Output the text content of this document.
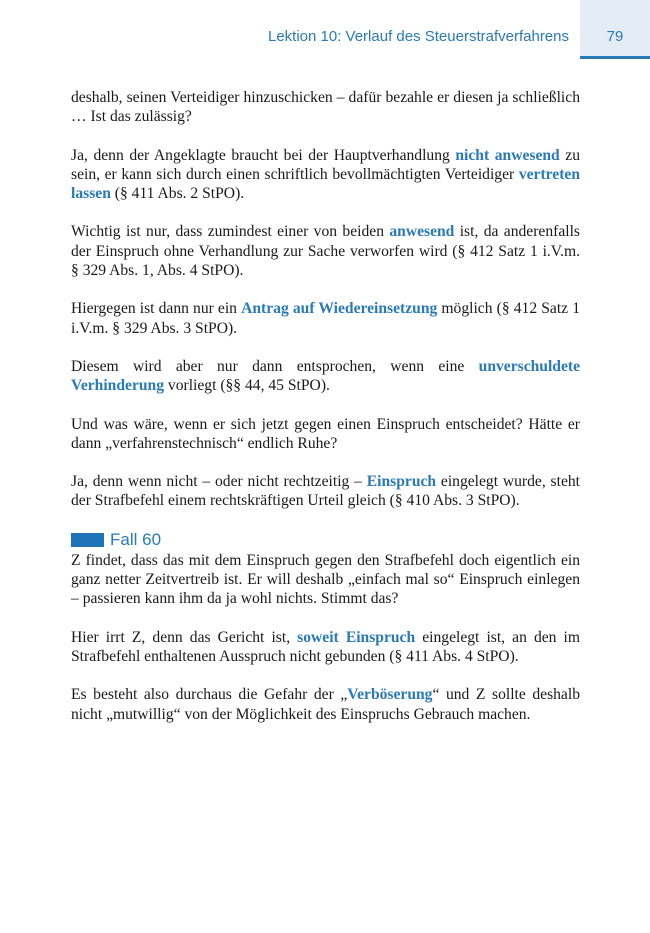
Lektion 10: Verlauf des Steuerstrafverfahrens	79

deshalb, seinen Verteidiger hinzuschicken – dafür bezahle er diesen ja schließlich … Ist das zulässig?

Ja, denn der Angeklagte braucht bei der Hauptverhandlung nicht anwesend zu sein, er kann sich durch einen schriftlich bevollmächtigten Verteidiger vertreten lassen (§ 411 Abs. 2 StPO).

Wichtig ist nur, dass zumindest einer von beiden anwesend ist, da anderenfalls der Einspruch ohne Verhandlung zur Sache verworfen wird (§ 412 Satz 1 i.V.m. § 329 Abs. 1, Abs. 4 StPO).

Hiergegen ist dann nur ein Antrag auf Wiedereinsetzung möglich (§ 412 Satz 1 i.V.m. § 329 Abs. 3 StPO).

Diesem wird aber nur dann entsprochen, wenn eine unverschuldete Verhinderung vorliegt (§§ 44, 45 StPO).

Und was wäre, wenn er sich jetzt gegen einen Einspruch entscheidet? Hätte er dann „verfahrenstechnisch“ endlich Ruhe?

Ja, denn wenn nicht – oder nicht rechtzeitig – Einspruch eingelegt wurde, steht der Strafbefehl einem rechtskräftigen Urteil gleich (§ 410 Abs. 3 StPO).

Fall 60

Z findet, dass das mit dem Einspruch gegen den Strafbefehl doch eigentlich ein ganz netter Zeitvertreib ist. Er will deshalb „einfach mal so“ Einspruch einlegen – passieren kann ihm da ja wohl nichts. Stimmt das?

Hier irrt Z, denn das Gericht ist, soweit Einspruch eingelegt ist, an den im Strafbefehl enthaltenen Ausspruch nicht gebunden (§ 411 Abs. 4 StPO).

Es besteht also durchaus die Gefahr der „Verböserung“ und Z sollte deshalb nicht „mutwillig“ von der Möglichkeit des Einspruchs Gebrauch machen.
